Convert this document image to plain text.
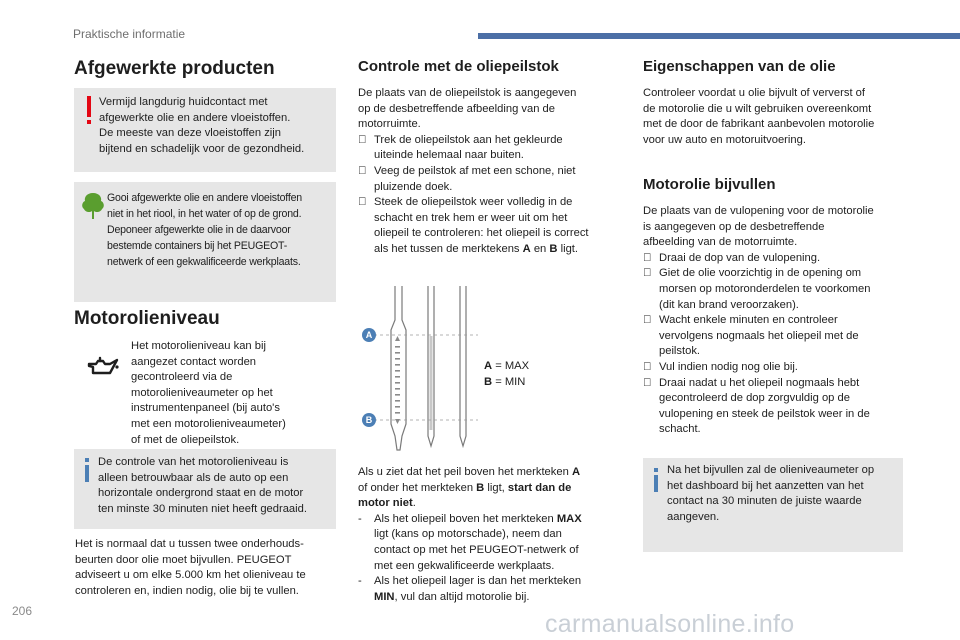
Praktische informatie
Afgewerkte producten

Vermijd langdurig huidcontact met

afgewerkte olie en andere vloeistoffen.

De meeste van deze vloeistoffen zijn

bijtend en schadelijk voor de gezondheid.

Gooi afgewerkte olie en andere vloeistoffen

niet in het riool, in het water of op de grond.

Deponeer afgewerkte olie in de daarvoor

bestemde containers bij het PEUGEOT-

netwerk of een gekwalificeerde werkplaats.

Motorolieniveau

Het motorolieniveau kan bij

aangezet contact worden

gecontroleerd via de

motorolieniveaumeter op het

instrumentenpaneel (bij auto's

met een motorolieniveaumeter)

of met de oliepeilstok.

De controle van het motorolieniveau is

alleen betrouwbaar als de auto op een

horizontale ondergrond staat en de motor

ten minste 30 minuten niet heeft gedraaid.

Het is normaal dat u tussen twee onderhouds-

beurten door olie moet bijvullen. PEUGEOT

adviseert u om elke 5.000 km het olieniveau te

controleren en, indien nodig, olie bij te vullen.

Controle met de oliepeilstok

De plaats van de oliepeilstok is aangegeven

op de desbetreffende afbeelding van de

motorruimte.

Trek de oliepeilstok aan het gekleurde

uiteinde helemaal naar buiten.

Veeg de peilstok af met een schone, niet

pluizende doek.

Steek de oliepeilstok weer volledig in de

schacht en trek hem er weer uit om het

oliepeil te controleren: het oliepeil is correct

als het tussen de merktekens A en B ligt.

A
B

A = MAX

B = MIN

Als u ziet dat het peil boven het merkteken A

of onder het merkteken B ligt, start dan de

motor niet.

- Als het oliepeil boven het merkteken MAX

ligt (kans op motorschade), neem dan

contact op met het PEUGEOT-netwerk of

met een gekwalificeerde werkplaats.

- Als het oliepeil lager is dan het merkteken

MIN, vul dan altijd motorolie bij.

Eigenschappen van de olie

Controleer voordat u olie bijvult of ververst of

de motorolie die u wilt gebruiken overeenkomt

met de door de fabrikant aanbevolen motorolie

voor uw auto en motoruitvoering.

Motorolie bijvullen

De plaats van de vulopening voor de motorolie

is aangegeven op de desbetreffende

afbeelding van de motorruimte.

Draai de dop van de vulopening.
Giet de olie voorzichtig in de opening om

morsen op motoronderdelen te voorkomen

(dit kan brand veroorzaken).

Wacht enkele minuten en controleer

vervolgens nogmaals het oliepeil met de

peilstok.

Vul indien nodig nog olie bij.
Draai nadat u het oliepeil nogmaals hebt

gecontroleerd de dop zorgvuldig op de

vulopening en steek de peilstok weer in de

schacht.

Na het bijvullen zal de olieniveaumeter op

het dashboard bij het aanzetten van het

contact na 30 minuten de juiste waarde

aangeven.

206	carmanualsonline.info
